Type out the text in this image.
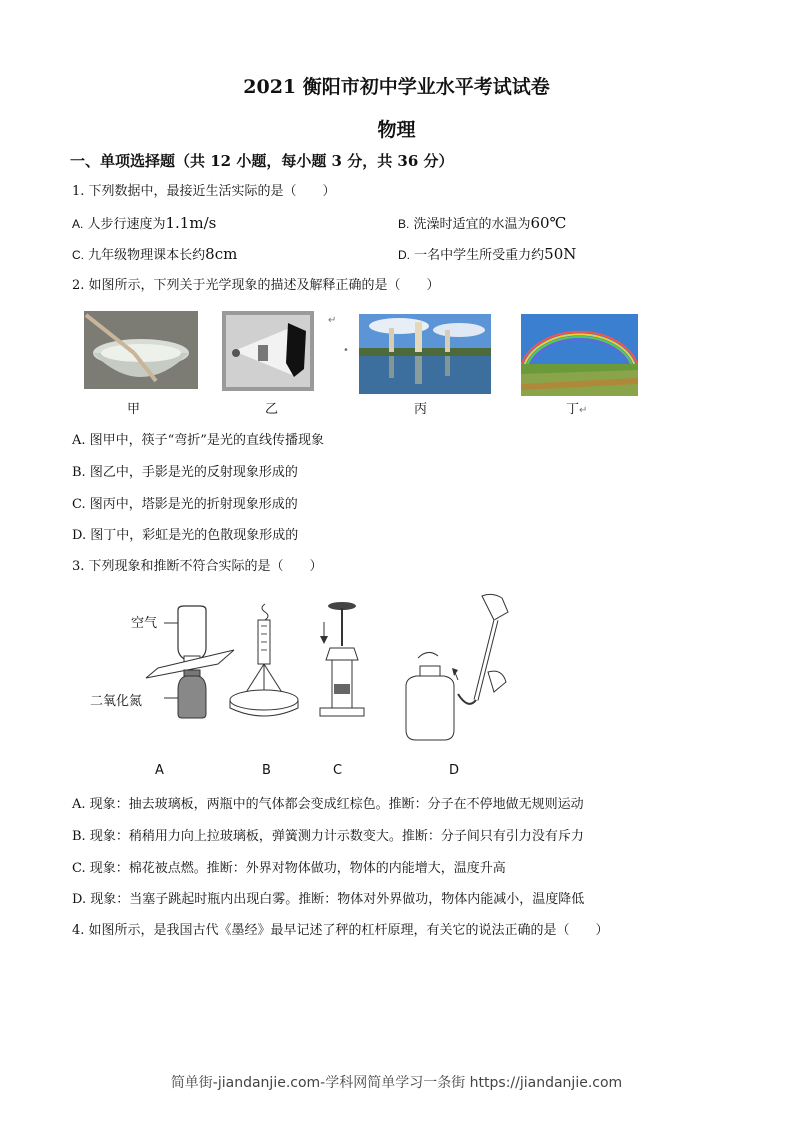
2021 衡阳市初中学业水平考试试卷
物理
一、单项选择题（共 12 小题，每小题 3 分，共 36 分）
1. 下列数据中，最接近生活实际的是（　　）
A. 人步行速度为1.1m/s	B. 洗澡时适宜的水温为60℃
C. 九年级物理课本长约8cm	D. 一名中学生所受重力约50N
2. 如图所示，下列关于光学现象的描述及解释正确的是（　　）
↵
•
甲	乙	丙	丁↵
A. 图甲中，筷子“弯折”是光的直线传播现象
B. 图乙中，手影是光的反射现象形成的
C. 图丙中，塔影是光的折射现象形成的
D. 图丁中，彩虹是光的色散现象形成的
3. 下列现象和推断不符合实际的是（　　）
空气
二氧化氮
A	B	C	D
A. 现象：抽去玻璃板，两瓶中的气体都会变成红棕色。推断：分子在不停地做无规则运动
B. 现象：稍稍用力向上拉玻璃板，弹簧测力计示数变大。推断：分子间只有引力没有斥力
C. 现象：棉花被点燃。推断：外界对物体做功，物体的内能增大，温度升高
D. 现象：当塞子跳起时瓶内出现白雾。推断：物体对外界做功，物体内能减小，温度降低
4. 如图所示，是我国古代《墨经》最早记述了秤的杠杆原理，有关它的说法正确的是（　　）
简单街-jiandanjie.com-学科网简单学习一条街 https://jiandanjie.com
